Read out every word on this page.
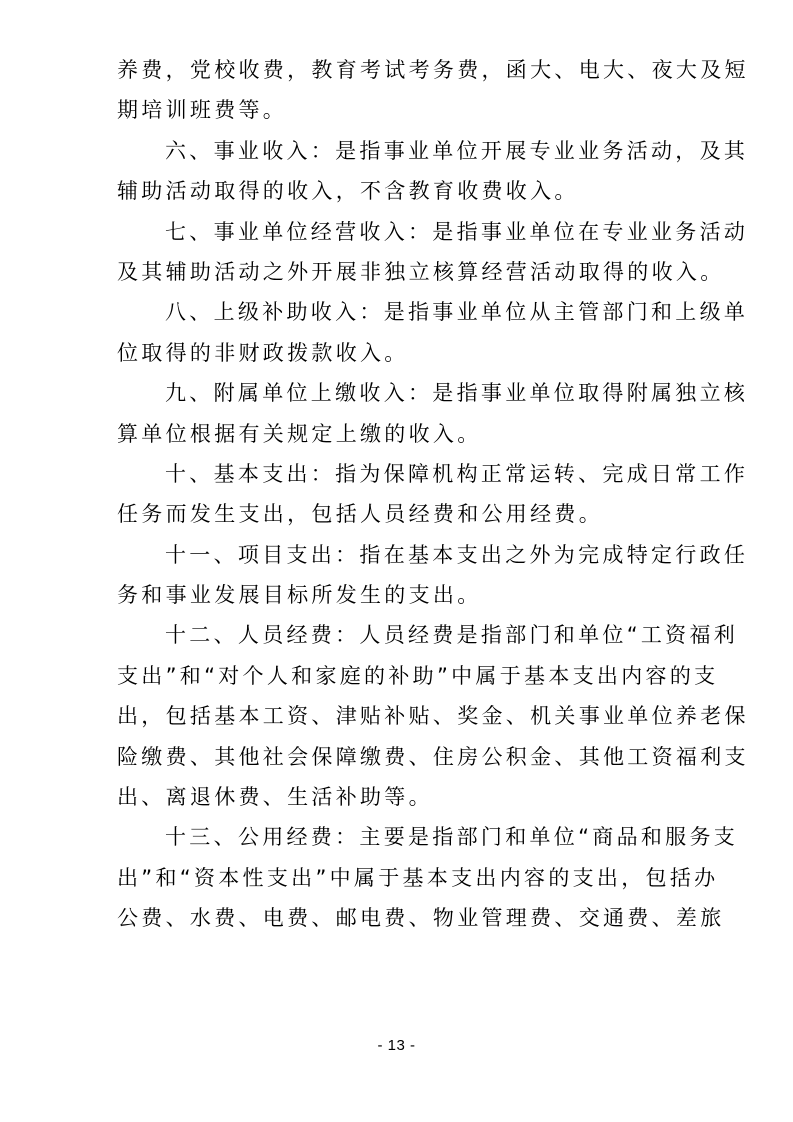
养费，党校收费，教育考试考务费，函大、电大、夜大及短
期培训班费等。
六、事业收入：是指事业单位开展专业业务活动，及其
辅助活动取得的收入，不含教育收费收入。
七、事业单位经营收入：是指事业单位在专业业务活动
及其辅助活动之外开展非独立核算经营活动取得的收入。
八、上级补助收入：是指事业单位从主管部门和上级单
位取得的非财政拨款收入。
九、附属单位上缴收入：是指事业单位取得附属独立核
算单位根据有关规定上缴的收入。
十、基本支出：指为保障机构正常运转、完成日常工作
任务而发生支出，包括人员经费和公用经费。
十一、项目支出：指在基本支出之外为完成特定行政任
务和事业发展目标所发生的支出。
十二、人员经费：人员经费是指部门和单位“工资福利
支出”和“对个人和家庭的补助”中属于基本支出内容的支
出，包括基本工资、津贴补贴、奖金、机关事业单位养老保
险缴费、其他社会保障缴费、住房公积金、其他工资福利支
出、离退休费、生活补助等。
十三、公用经费：主要是指部门和单位“商品和服务支
出”和“资本性支出”中属于基本支出内容的支出，包括办
公费、水费、电费、邮电费、物业管理费、交通费、差旅
- 13 -
